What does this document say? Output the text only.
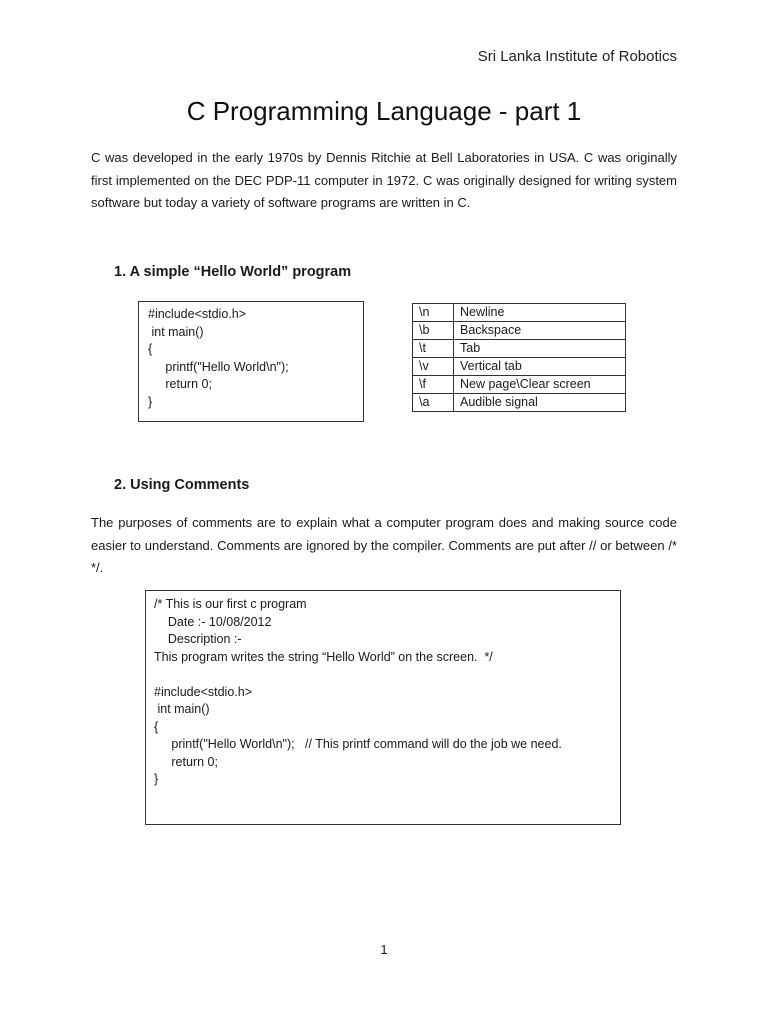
Sri Lanka Institute of Robotics
C Programming Language - part 1
C was developed in the early 1970s by Dennis Ritchie at Bell Laboratories in USA. C was originally first implemented on the DEC PDP-11 computer in 1972. C was originally designed for writing system software but today a variety of software programs are written in C.
1. A simple “Hello World” program
#include<stdio.h>
int main()
{
printf("Hello World\n");
return 0;
}
\n	Newline
\b	Backspace
\t	Tab
\v	Vertical tab
\f	New page\Clear screen
\a	Audible signal
2. Using Comments
The purposes of comments are to explain what a computer program does and making source code easier to understand. Comments are ignored by the compiler. Comments are put after // or between /* */.
/* This is our first c program
Date :- 10/08/2012
Description :-
This program writes the string “Hello World” on the screen.  */
#include<stdio.h>
int main()
{
printf("Hello World\n");   // This printf command will do the job we need.
return 0;
}
1
